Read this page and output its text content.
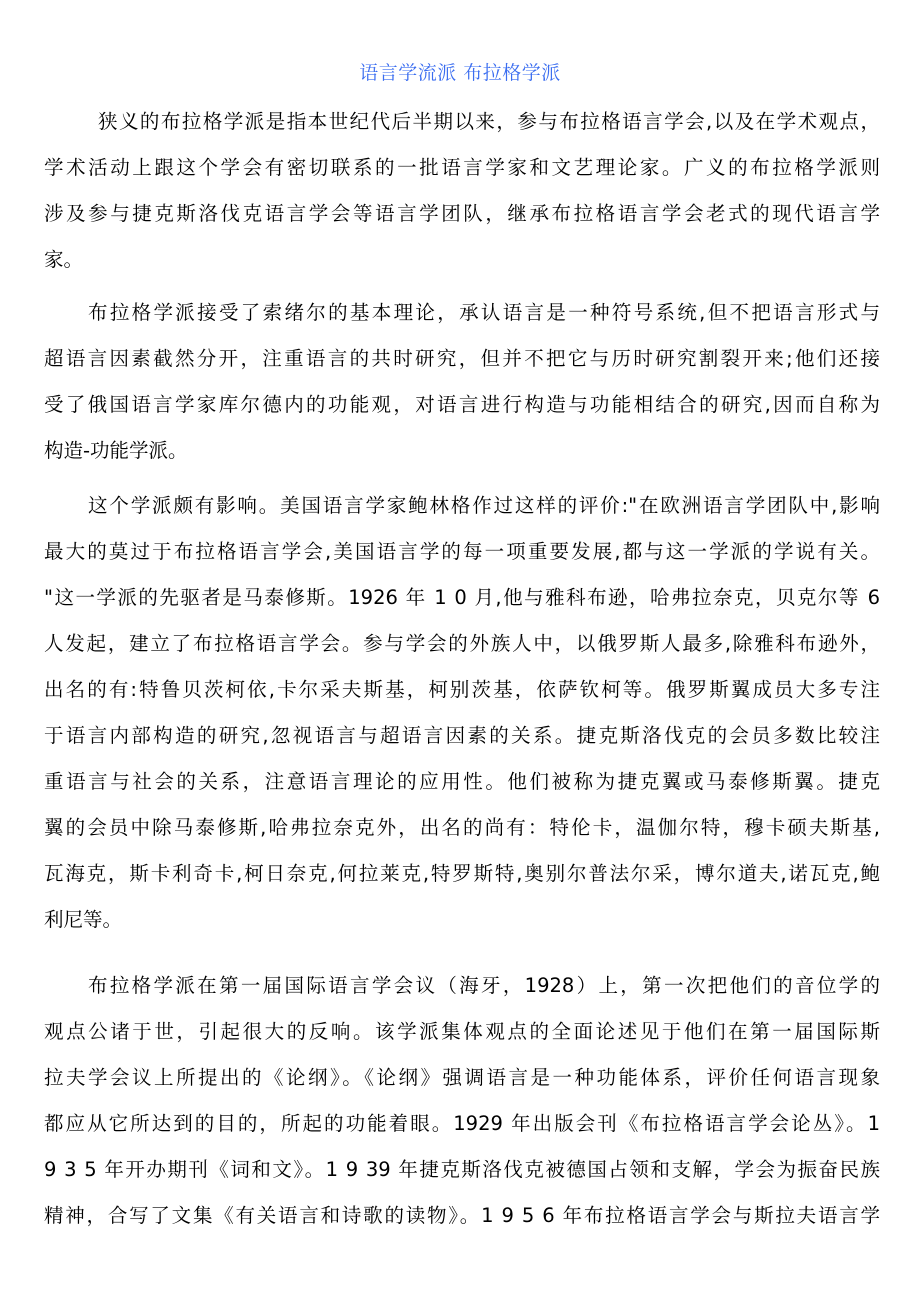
语言学流派 布拉格学派
狭义的布拉格学派是指本世纪代后半期以来，参与布拉格语言学会,以及在学术观点，
学术活动上跟这个学会有密切联系的一批语言学家和文艺理论家。广义的布拉格学派则
涉及参与捷克斯洛伐克语言学会等语言学团队，继承布拉格语言学会老式的现代语言学
家。
布拉格学派接受了索绪尔的基本理论，承认语言是一种符号系统,但不把语言形式与
超语言因素截然分开，注重语言的共时研究，但并不把它与历时研究割裂开来;他们还接
受了俄国语言学家库尔德内的功能观，对语言进行构造与功能相结合的研究,因而自称为
构造-功能学派。
这个学派颇有影响。美国语言学家鲍林格作过这样的评价:"在欧洲语言学团队中,影响
最大的莫过于布拉格语言学会,美国语言学的每一项重要发展,都与这一学派的学说有关。
"这一学派的先驱者是马泰修斯。1926 年 1 0 月,他与雅科布逊，哈弗拉奈克，贝克尔等 6
人发起，建立了布拉格语言学会。参与学会的外族人中，以俄罗斯人最多,除雅科布逊外，
出名的有:特鲁贝茨柯依,卡尔采夫斯基，柯别茨基，依萨钦柯等。俄罗斯翼成员大多专注
于语言内部构造的研究,忽视语言与超语言因素的关系。捷克斯洛伐克的会员多数比较注
重语言与社会的关系，注意语言理论的应用性。他们被称为捷克翼或马泰修斯翼。捷克
翼的会员中除马泰修斯,哈弗拉奈克外，出名的尚有：特伦卡，温伽尔特，穆卡硕夫斯基,
瓦海克，斯卡利奇卡,柯日奈克,何拉莱克,特罗斯特,奥别尔普法尔采，博尔道夫,诺瓦克,鲍
利尼等。
布拉格学派在第一届国际语言学会议（海牙，1928）上，第一次把他们的音位学的
观点公诸于世，引起很大的反响。该学派集体观点的全面论述见于他们在第一届国际斯
拉夫学会议上所提出的《论纲》。《论纲》强调语言是一种功能体系，评价任何语言现象
都应从它所达到的目的，所起的功能着眼。1929 年出版会刊《布拉格语言学会论丛》。1
9 3 5 年开办期刊《词和文》。1 9 39 年捷克斯洛伐克被德国占领和支解，学会为振奋民族
精神，合写了文集《有关语言和诗歌的读物》。1 9 5 6 年布拉格语言学会与斯拉夫语言学
